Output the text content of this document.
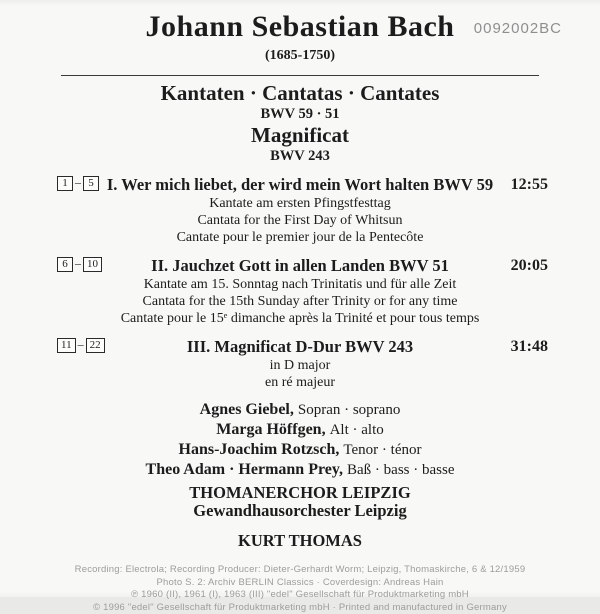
0092002BC
Johann Sebastian Bach
(1685-1750)
Kantaten · Cantatas · Cantates
BWV 59 · 51
Magnificat
BWV 243
1 – 5 I. Wer mich liebet, der wird mein Wort halten BWV 59	12:55
Kantate am ersten Pfingstfesttag
Cantata for the First Day of Whitsun
Cantate pour le premier jour de la Pentecôte
6 – 10	II. Jauchzet Gott in allen Landen BWV 51	20:05
Kantate am 15. Sonntag nach Trinitatis und für alle Zeit
Cantata for the 15th Sunday after Trinity or for any time
Cantate pour le 15ᵉ dimanche après la Trinité et pour tous temps
11 – 22	III. Magnificat D-Dur BWV 243	31:48
in D major
en ré majeur
Agnes Giebel, Sopran · soprano
Marga Höffgen, Alt · alto
Hans-Joachim Rotzsch, Tenor · ténor
Theo Adam · Hermann Prey, Baß · bass · basse
THOMANERCHOR LEIPZIG
Gewandhausorchester Leipzig
KURT THOMAS
Recording: Electrola; Recording Producer: Dieter-Gerhardt Worm; Leipzig, Thomaskirche, 6 & 12/1959
Photo S. 2: Archiv BERLIN Classics · Coverdesign: Andreas Hain
℗ 1960 (II), 1961 (I), 1963 (III) "edel" Gesellschaft für Produktmarketing mbH
© 1996 "edel" Gesellschaft für Produktmarketing mbH · Printed and manufactured in Germany
